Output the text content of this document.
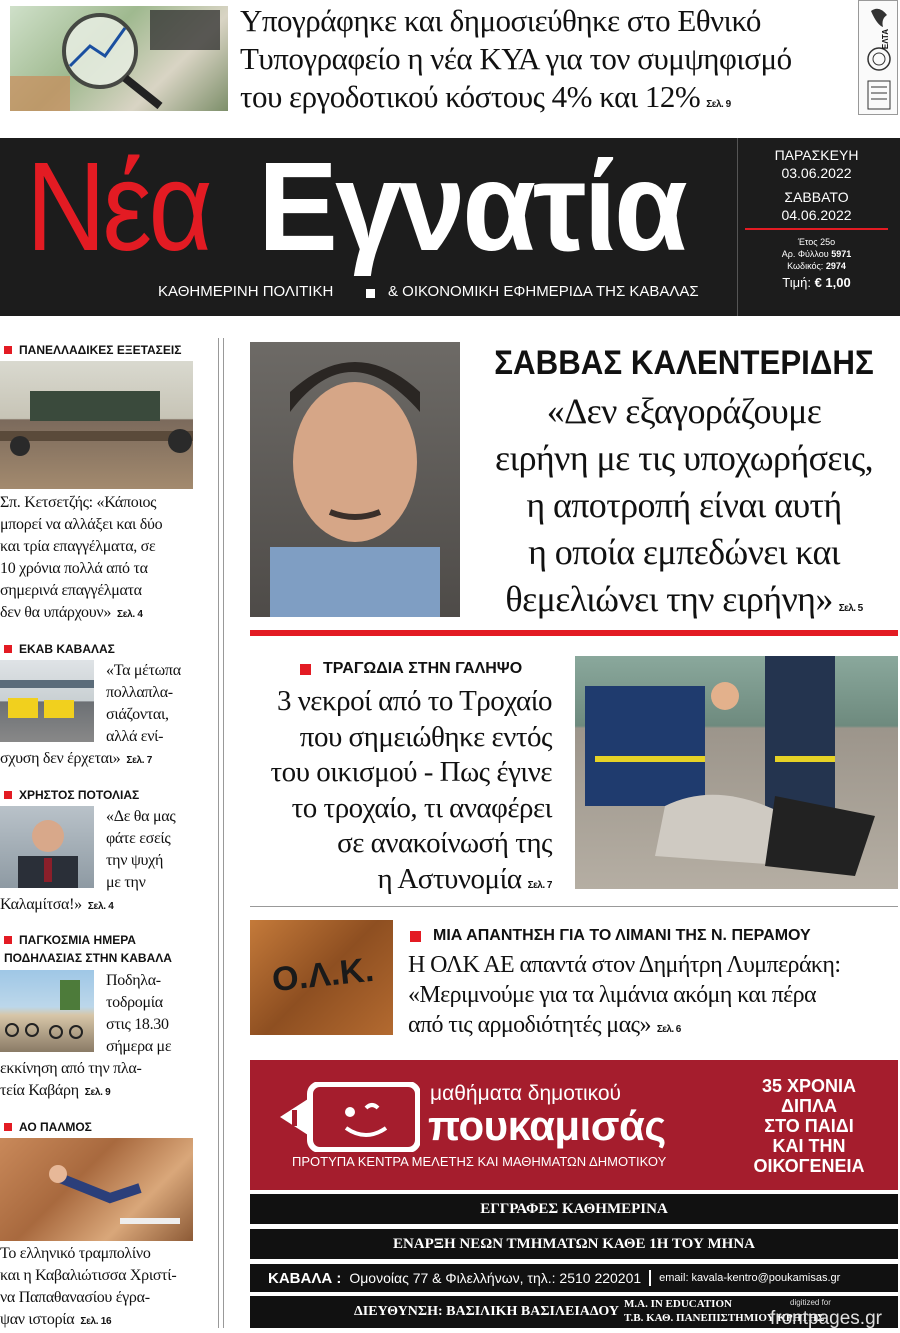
Υπογράφηκε και δημοσιεύθηκε στο Εθνικό Τυπογραφείο η νέα ΚΥΑ για τον συμψηφισμό του εργοδοτικού κόστους 4% και 12% Σελ. 9
ΕΛΤΑ
Νέα Εγνατία
ΚΑΘΗΜΕΡΙΝΗ ΠΟΛΙΤΙΚΗ	& ΟΙΚΟΝΟΜΙΚΗ ΕΦΗΜΕΡΙΔΑ ΤΗΣ ΚΑΒΑΛΑΣ
ΠΑΡΑΣΚΕΥΗ
03.06.2022
ΣΑΒΒΑΤΟ
04.06.2022
Έτος 25ο
Αρ. Φύλλου 5971
Κωδικός: 2974
Τιμή: € 1,00
ΠΑΝΕΛΛΑΔΙΚΕΣ ΕΞΕΤΑΣΕΙΣ
Σπ. Κετσετζής: «Κάποιος
μπορεί να αλλάξει και δύο
και τρία επαγγέλματα, σε
10 χρόνια πολλά από τα
σημερινά επαγγέλματα
δεν θα υπάρχουν» Σελ. 4
ΕΚΑΒ ΚΑΒΑΛΑΣ
«Τα μέτωπα
πολλαπλα-
σιάζονται,
αλλά ενί-
σχυση δεν έρχεται» Σελ. 7
ΧΡΗΣΤΟΣ ΠΟΤΟΛΙΑΣ
«Δε θα μας
φάτε εσείς
την ψυχή
με την
Καλαμίτσα!» Σελ. 4
ΠΑΓΚΟΣΜΙΑ ΗΜΕΡΑ
ΠΟΔΗΛΑΣΙΑΣ ΣΤΗΝ ΚΑΒΑΛΑ
Ποδηλα-
τοδρομία
στις 18.30
σήμερα με
εκκίνηση από την πλα-
τεία Καβάρη Σελ. 9
ΑΟ ΠΑΛΜΟΣ
Το ελληνικό τραμπολίνο
και η Καβαλιώτισσα Χριστί-
να Παπαθανασίου έγρα-
ψαν ιστορία Σελ. 16
ΣΑΒΒΑΣ ΚΑΛΕΝΤΕΡΙΔΗΣ
«Δεν εξαγοράζουμε
ειρήνη με τις υποχωρήσεις,
η αποτροπή είναι αυτή
η οποία εμπεδώνει και
θεμελιώνει την ειρήνη» Σελ. 5
ΤΡΑΓΩΔΙΑ ΣΤΗΝ ΓΑΛΗΨΟ
3 νεκροί από το Τροχαίο
που σημειώθηκε εντός
του οικισμού - Πως έγινε
το τροχαίο, τι αναφέρει
σε ανακοίνωσή της
η Αστυνομία Σελ. 7
Ο.Λ.Κ.
ΜΙΑ ΑΠΑΝΤΗΣΗ ΓΙΑ ΤΟ ΛΙΜΑΝΙ ΤΗΣ Ν. ΠΕΡΑΜΟΥ
Η ΟΛΚ ΑΕ απαντά στον Δημήτρη Λυμπεράκη:
«Μεριμνούμε για τα λιμάνια ακόμη και πέρα
από τις αρμοδιότητές μας» Σελ. 6
μαθήματα δημοτικού
πουκαμισάς
ΠΡΟΤΥΠΑ ΚΕΝΤΡΑ ΜΕΛΕΤΗΣ ΚΑΙ ΜΑΘΗΜΑΤΩΝ ΔΗΜΟΤΙΚΟΥ
35 ΧΡΟΝΙΑ
ΔΙΠΛΑ
ΣΤΟ ΠΑΙΔΙ
ΚΑΙ ΤΗΝ
ΟΙΚΟΓΕΝΕΙΑ
ΕΓΓΡΑΦΕΣ ΚΑΘΗΜΕΡΙΝΑ
ΕΝΑΡΞΗ ΝΕΩΝ ΤΜΗΜΑΤΩΝ ΚΑΘΕ 1Η ΤΟΥ ΜΗΝΑ
ΚΑΒΑΛΑ : Ομονοίας 77 & Φιλελλήνων, τηλ.: 2510 220201 email: kavala-kentro@poukamisas.gr
ΔΙΕΥΘΥΝΣΗ: ΒΑΣΙΛΙΚΗ ΒΑΣΙΛΕΙΑΔΟΥ M.A. IN EDUCATION
Τ.Β. ΚΑΘ. ΠΑΝΕΠΙΣΤΗΜΙΟΥ ΚΡΗΤΗΣ
digitized for
frontpages.gr
